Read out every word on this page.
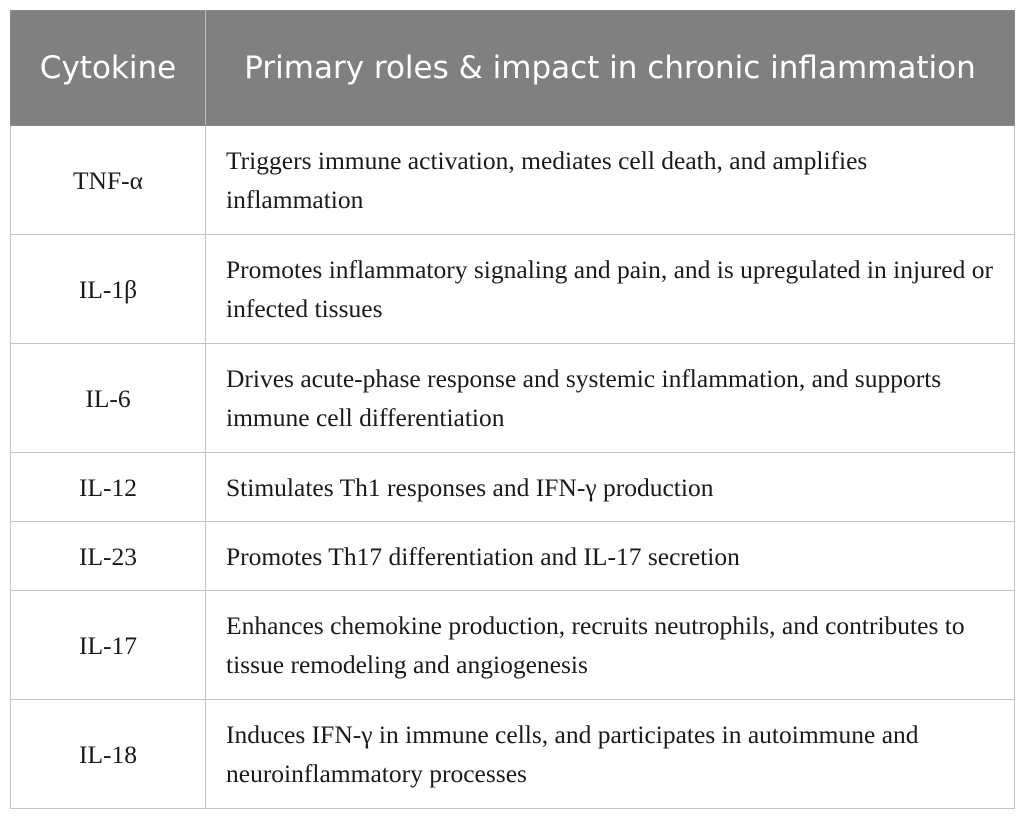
Cytokine	Primary roles & impact in chronic inflammation
TNF-α	Triggers immune activation, mediates cell death, and amplifies inflammation
IL-1β	Promotes inflammatory signaling and pain, and is upregulated in injured or infected tissues
IL-6	Drives acute-phase response and systemic inflammation, and supports immune cell differentiation
IL-12	Stimulates Th1 responses and IFN-γ production
IL-23	Promotes Th17 differentiation and IL-17 secretion
IL-17	Enhances chemokine production, recruits neutrophils, and contributes to tissue remodeling and angiogenesis
IL-18	Induces IFN-γ in immune cells, and participates in autoimmune and neuroinflammatory processes
